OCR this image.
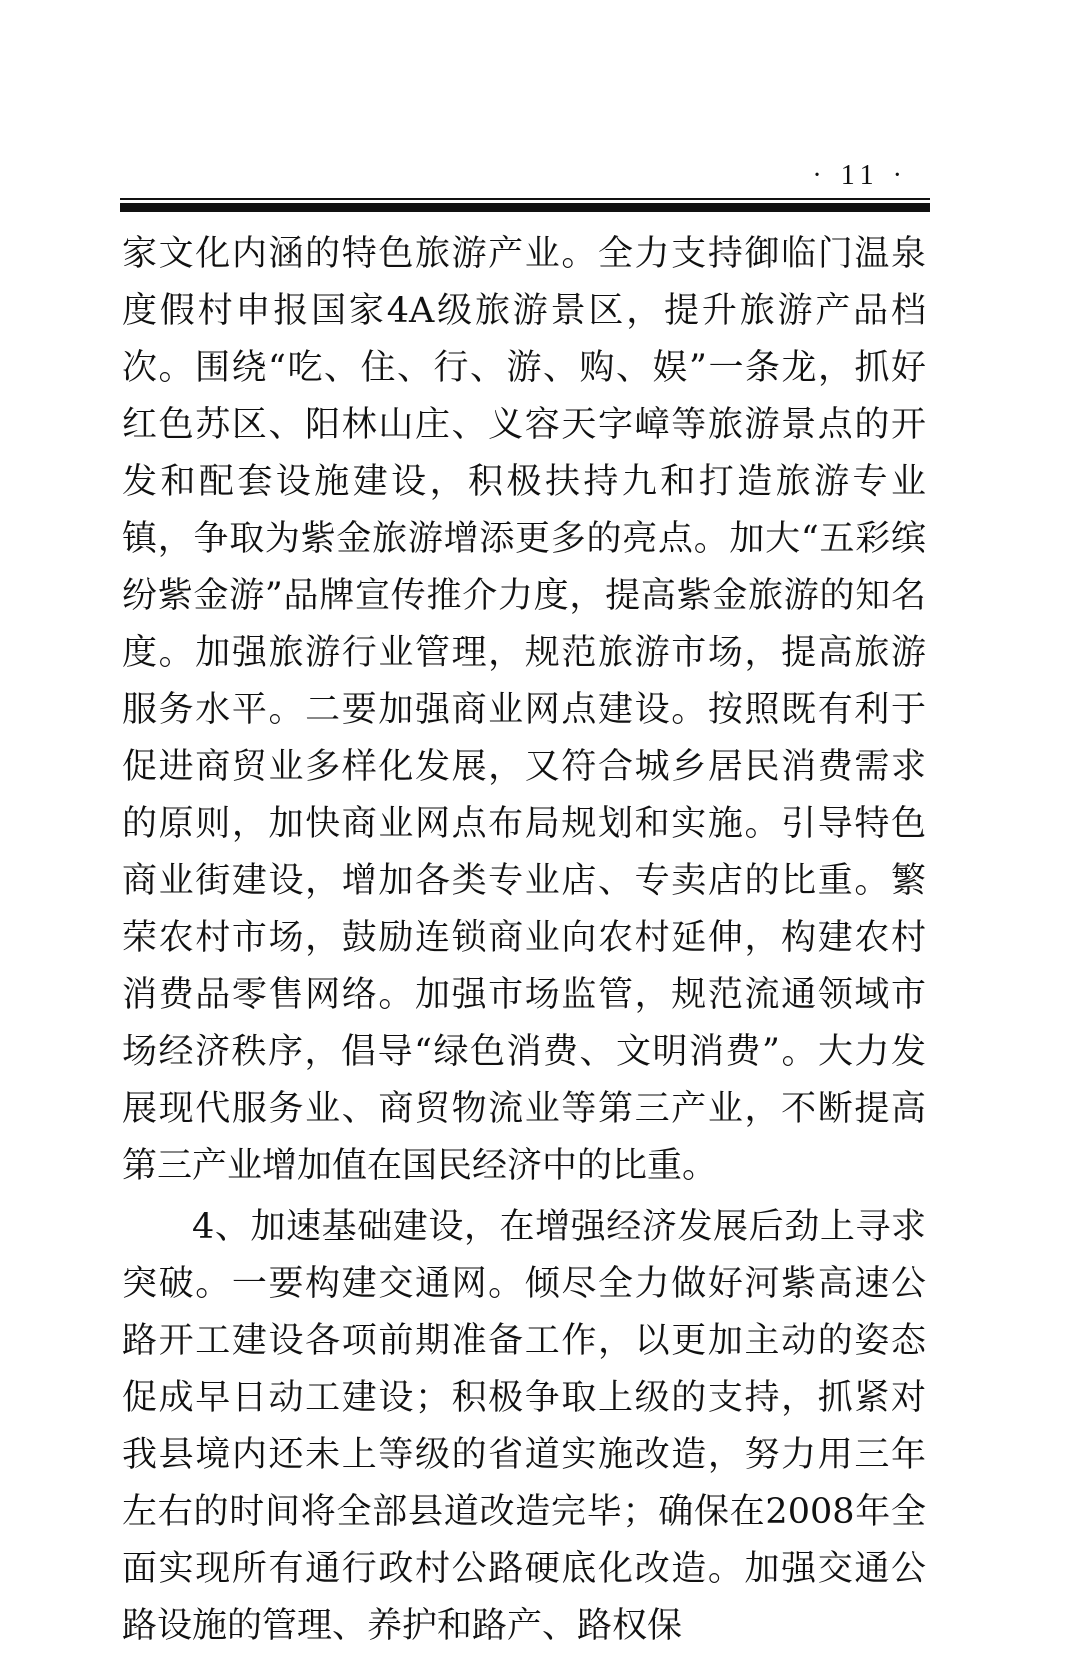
· 11 ·

家文化内涵的特色旅游产业。全力支持御临门温泉度假村申报国家4A级旅游景区，提升旅游产品档次。围绕“吃、住、行、游、购、娱”一条龙，抓好红色苏区、阳林山庄、义容天字嶂等旅游景点的开发和配套设施建设，积极扶持九和打造旅游专业镇，争取为紫金旅游增添更多的亮点。加大“五彩缤纷紫金游”品牌宣传推介力度，提高紫金旅游的知名度。加强旅游行业管理，规范旅游市场，提高旅游服务水平。二要加强商业网点建设。按照既有利于促进商贸业多样化发展，又符合城乡居民消费需求的原则，加快商业网点布局规划和实施。引导特色商业街建设，增加各类专业店、专卖店的比重。繁荣农村市场，鼓励连锁商业向农村延伸，构建农村消费品零售网络。加强市场监管，规范流通领域市场经济秩序，倡导“绿色消费、文明消费”。大力发展现代服务业、商贸物流业等第三产业，不断提高第三产业增加值在国民经济中的比重。

4、加速基础建设，在增强经济发展后劲上寻求突破。一要构建交通网。倾尽全力做好河紫高速公路开工建设各项前期准备工作，以更加主动的姿态促成早日动工建设；积极争取上级的支持，抓紧对我县境内还未上等级的省道实施改造，努力用三年左右的时间将全部县道改造完毕；确保在2008年全面实现所有通行政村公路硬底化改造。加强交通公路设施的管理、养护和路产、路权保
